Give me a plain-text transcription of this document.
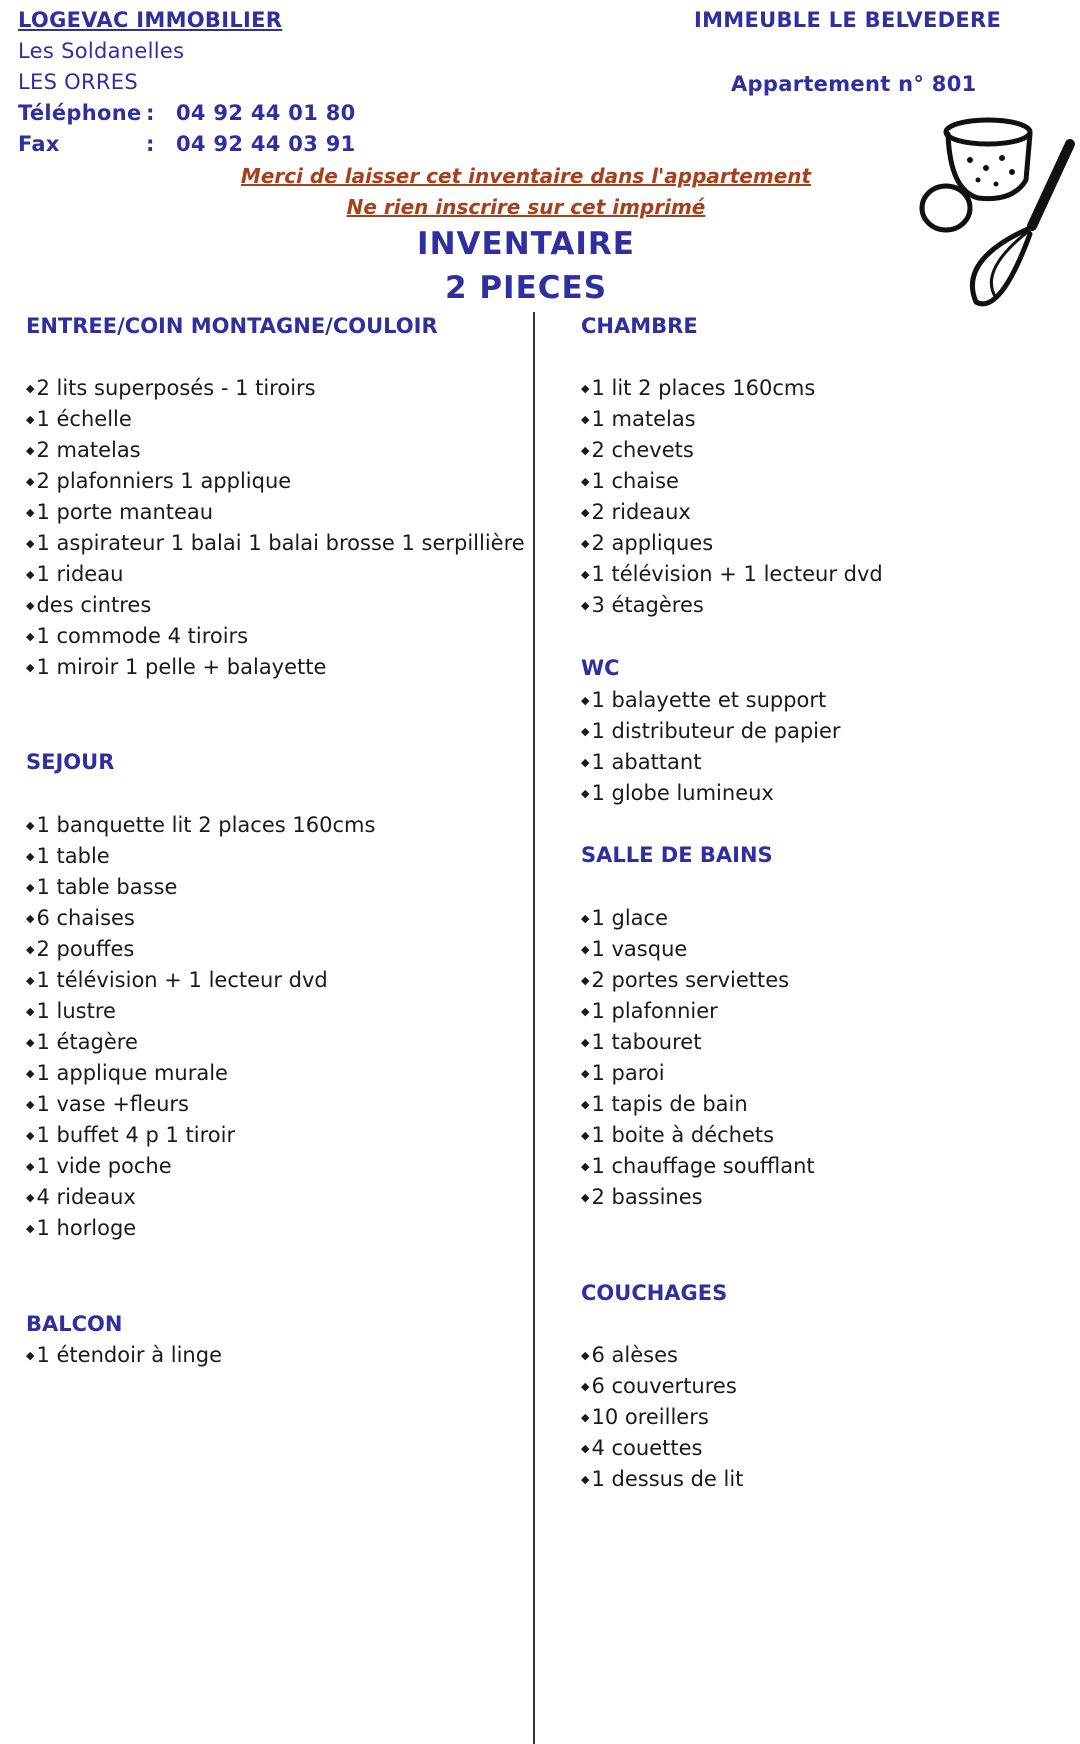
LOGEVAC IMMOBILIER
Les Soldanelles
LES ORRES
Téléphone : 04 92 44 01 80
Fax	: 04 92 44 03 91
IMMEUBLE LE BELVEDERE
Appartement n° 801
Merci de laisser cet inventaire dans l'appartement
Ne rien inscrire sur cet imprimé
INVENTAIRE
2 PIECES
ENTREE/COIN MONTAGNE/COULOIR
◆ 2 lits superposés - 1 tiroirs
◆ 1 échelle
◆ 2 matelas
◆ 2 plafonniers 1 applique
◆ 1 porte manteau
◆ 1 aspirateur 1 balai 1 balai brosse 1 serpillière
◆ 1 rideau
◆ des cintres
◆ 1 commode 4 tiroirs
◆ 1 miroir 1 pelle + balayette
SEJOUR
◆ 1 banquette lit 2 places 160cms
◆ 1 table
◆ 1 table basse
◆ 6 chaises
◆ 2 pouffes
◆ 1 télévision + 1 lecteur dvd
◆ 1 lustre
◆ 1 étagère
◆ 1 applique murale
◆ 1 vase +fleurs
◆ 1 buffet 4 p 1 tiroir
◆ 1 vide poche
◆ 4 rideaux
◆ 1 horloge
BALCON
◆ 1 étendoir à linge
CHAMBRE
◆ 1 lit 2 places 160cms
◆ 1 matelas
◆ 2 chevets
◆ 1 chaise
◆ 2 rideaux
◆ 2 appliques
◆ 1 télévision + 1 lecteur dvd
◆ 3 étagères
WC
◆ 1 balayette et support
◆ 1 distributeur de papier
◆ 1 abattant
◆ 1 globe lumineux
SALLE DE BAINS
◆ 1 glace
◆ 1 vasque
◆ 2 portes serviettes
◆ 1 plafonnier
◆ 1 tabouret
◆ 1 paroi
◆ 1 tapis de bain
◆ 1 boite à déchets
◆ 1 chauffage soufflant
◆ 2 bassines
COUCHAGES
◆ 6 alèses
◆ 6 couvertures
◆ 10 oreillers
◆ 4 couettes
◆ 1 dessus de lit
